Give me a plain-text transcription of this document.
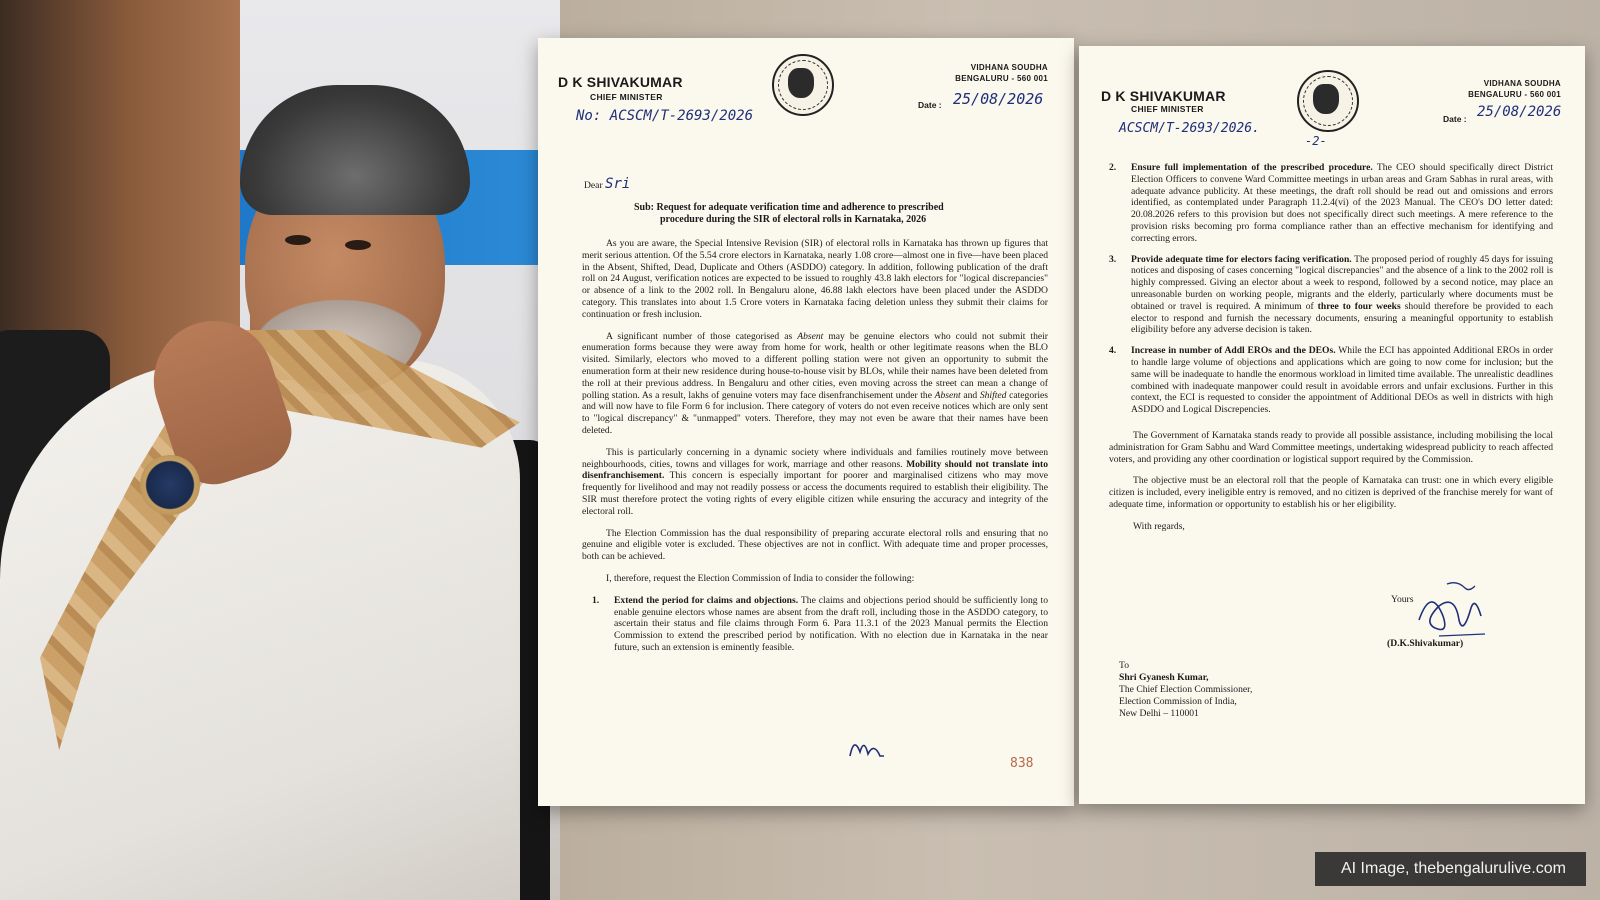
D K SHIVAKUMAR
CHIEF MINISTER
VIDHANA SOUDHA
BENGALURU - 560 001
Date : 25/08/2026
No: ACSCM/T-2693/2026
Dear Sri
Sub: Request for adequate verification time and adherence to prescribed
procedure during the SIR of electoral rolls in Karnataka, 2026

As you are aware, the Special Intensive Revision (SIR) of electoral rolls in Karnataka has thrown up figures that merit serious attention. Of the 5.54 crore electors in Karnataka, nearly 1.08 crore—almost one in five—have been placed in the Absent, Shifted, Dead, Duplicate and Others (ASDDO) category. In addition, following publication of the draft roll on 24 August, verification notices are expected to be issued to roughly 43.8 lakh electors for "logical discrepancies" or absence of a link to the 2002 roll. In Bengaluru alone, 46.88 lakh electors have been placed under the ASDDO category. This translates into about 1.5 Crore voters in Karnataka facing deletion unless they submit their claims for continuation or fresh inclusion.

A significant number of those categorised as Absent may be genuine electors who could not submit their enumeration forms because they were away from home for work, health or other legitimate reasons when the BLO visited. Similarly, electors who moved to a different polling station were not given an opportunity to submit the enumeration form at their new residence during house-to-house visit by BLOs, while their names have been deleted from the roll at their previous address. In Bengaluru and other cities, even moving across the street can mean a change of polling station. As a result, lakhs of genuine voters may face disenfranchisement under the Absent and Shifted categories and will now have to file Form 6 for inclusion. There category of voters do not even receive notices which are only sent to "logical discrepancy" & "unmapped" voters. Therefore, they may not even be aware that their names have been deleted.

This is particularly concerning in a dynamic society where individuals and families routinely move between neighbourhoods, cities, towns and villages for work, marriage and other reasons. Mobility should not translate into disenfranchisement. This concern is especially important for poorer and marginalised citizens who may move frequently for livelihood and may not readily possess or access the documents required to establish their eligibility. The SIR must therefore protect the voting rights of every eligible citizen while ensuring the accuracy and integrity of the electoral roll.

The Election Commission has the dual responsibility of preparing accurate electoral rolls and ensuring that no genuine and eligible voter is excluded. These objectives are not in conflict. With adequate time and proper processes, both can be achieved.

I, therefore, request the Election Commission of India to consider the following:

1.	Extend the period for claims and objections. The claims and objections period should be sufficiently long to enable genuine electors whose names are absent from the draft roll, including those in the ASDDO category, to ascertain their status and file claims through Form 6. Para 11.3.1 of the 2023 Manual permits the Election Commission to extend the prescribed period by notification. With no election due in Karnataka in the near future, such an extension is eminently feasible.
838
D K SHIVAKUMAR
CHIEF MINISTER
VIDHANA SOUDHA
BENGALURU - 560 001
Date : 25/08/2026
ACSCM/T-2693/2026.
-2-
2.	Ensure full implementation of the prescribed procedure. The CEO should specifically direct District Election Officers to convene Ward Committee meetings in urban areas and Gram Sabhas in rural areas, with adequate advance publicity. At these meetings, the draft roll should be read out and omissions and errors identified, as contemplated under Paragraph 11.2.4(vi) of the 2023 Manual. The CEO's DO letter dated: 20.08.2026 refers to this provision but does not specifically direct such meetings. A mere reference to the provision risks becoming pro forma compliance rather than an effective mechanism for identifying and correcting errors.
3.	Provide adequate time for electors facing verification. The proposed period of roughly 45 days for issuing notices and disposing of cases concerning "logical discrepancies" and the absence of a link to the 2002 roll is highly compressed. Giving an elector about a week to respond, followed by a second notice, may place an unreasonable burden on working people, migrants and the elderly, particularly where documents must be obtained or travel is required. A minimum of three to four weeks should therefore be provided to each elector to respond and furnish the necessary documents, ensuring a meaningful opportunity to establish eligibility before any adverse decision is taken.
4.	Increase in number of Addl EROs and the DEOs. While the ECI has appointed Additional EROs in order to handle large volume of objections and applications which are going to now come for inclusion; but the same will be inadequate to handle the enormous workload in limited time available. The unrealistic deadlines combined with inadequate manpower could result in avoidable errors and unfair exclusions. Further in this context, the ECI is requested to consider the appointment of Additional DEOs as well in districts with high ASDDO and Logical Discrepencies.

The Government of Karnataka stands ready to provide all possible assistance, including mobilising the local administration for Gram Sabhu and Ward Committee meetings, undertaking widespread publicity to reach affected voters, and providing any other coordination or logistical support required by the Commission.

The objective must be an electoral roll that the people of Karnataka can trust: one in which every eligible citizen is included, every ineligible entry is removed, and no citizen is deprived of the franchise merely for want of adequate time, information or opportunity to establish his or her eligibility.

With regards,

Yours
(D.K.Shivakumar)
To
Shri Gyanesh Kumar,
The Chief Election Commissioner,
Election Commission of India,
New Delhi – 110001
AI Image, thebengalurulive.com
